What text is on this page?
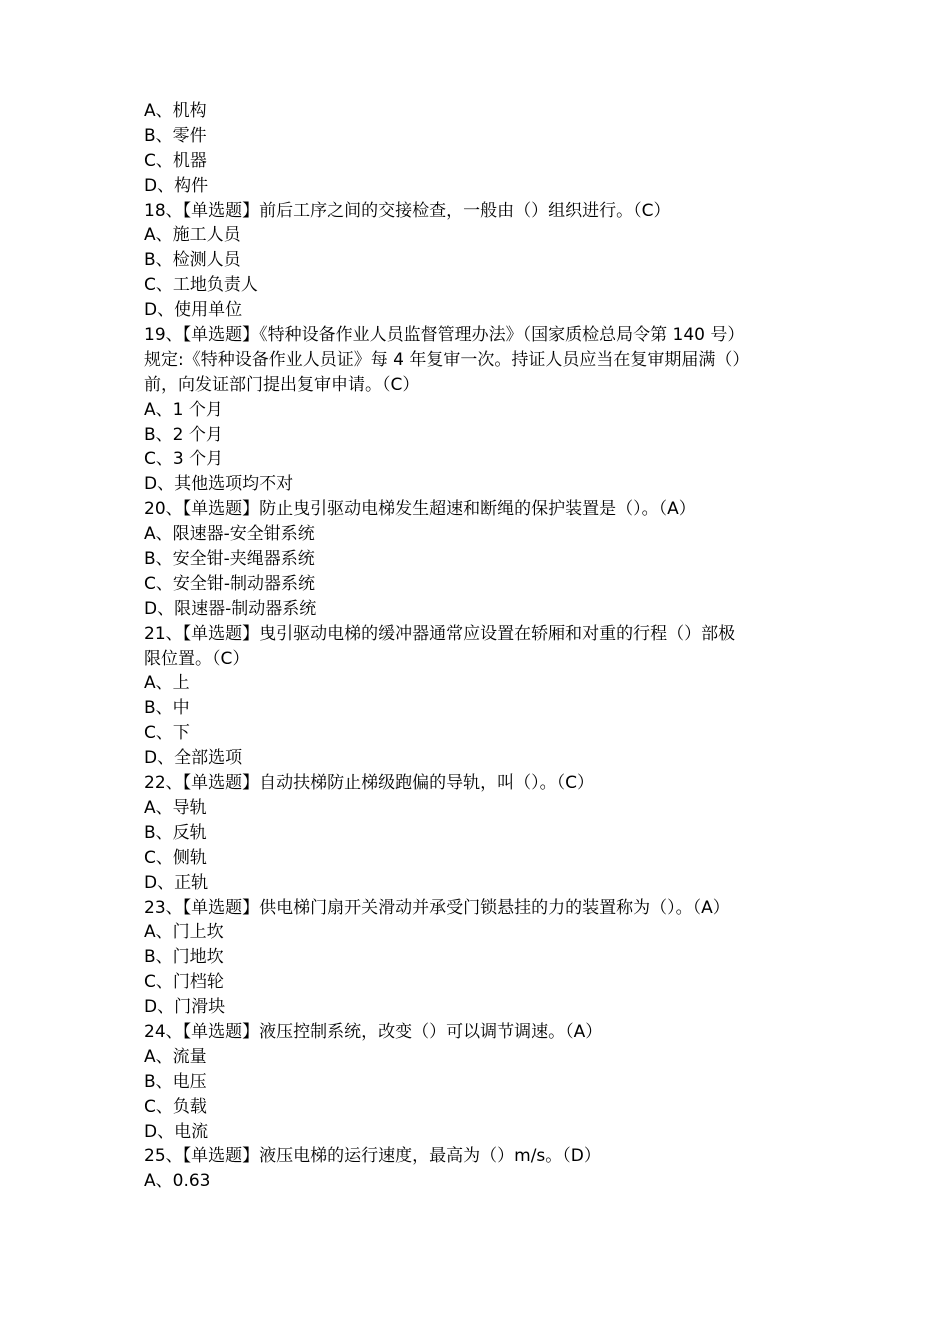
A、机构
B、零件
C、机器
D、构件
18、【单选题】前后工序之间的交接检查，一般由（）组织进行。（C）
A、施工人员
B、检测人员
C、工地负责人
D、使用单位
19、【单选题】《特种设备作业人员监督管理办法》（国家质检总局令第 140 号）
规定:《特种设备作业人员证》每 4 年复审一次。持证人员应当在复审期届满（）
前，向发证部门提出复审申请。（C）
A、1 个月
B、2 个月
C、3 个月
D、其他选项均不对
20、【单选题】防止曳引驱动电梯发生超速和断绳的保护装置是（）。（A）
A、限速器-安全钳系统
B、安全钳-夹绳器系统
C、安全钳-制动器系统
D、限速器-制动器系统
21、【单选题】曳引驱动电梯的缓冲器通常应设置在轿厢和对重的行程（）部极
限位置。（C）
A、上
B、中
C、下
D、全部选项
22、【单选题】自动扶梯防止梯级跑偏的导轨，叫（）。（C）
A、导轨
B、反轨
C、侧轨
D、正轨
23、【单选题】供电梯门扇开关滑动并承受门锁悬挂的力的装置称为（）。（A）
A、门上坎
B、门地坎
C、门档轮
D、门滑块
24、【单选题】液压控制系统，改变（）可以调节调速。（A）
A、流量
B、电压
C、负载
D、电流
25、【单选题】液压电梯的运行速度，最高为（）m/s。（D）
A、0.63
